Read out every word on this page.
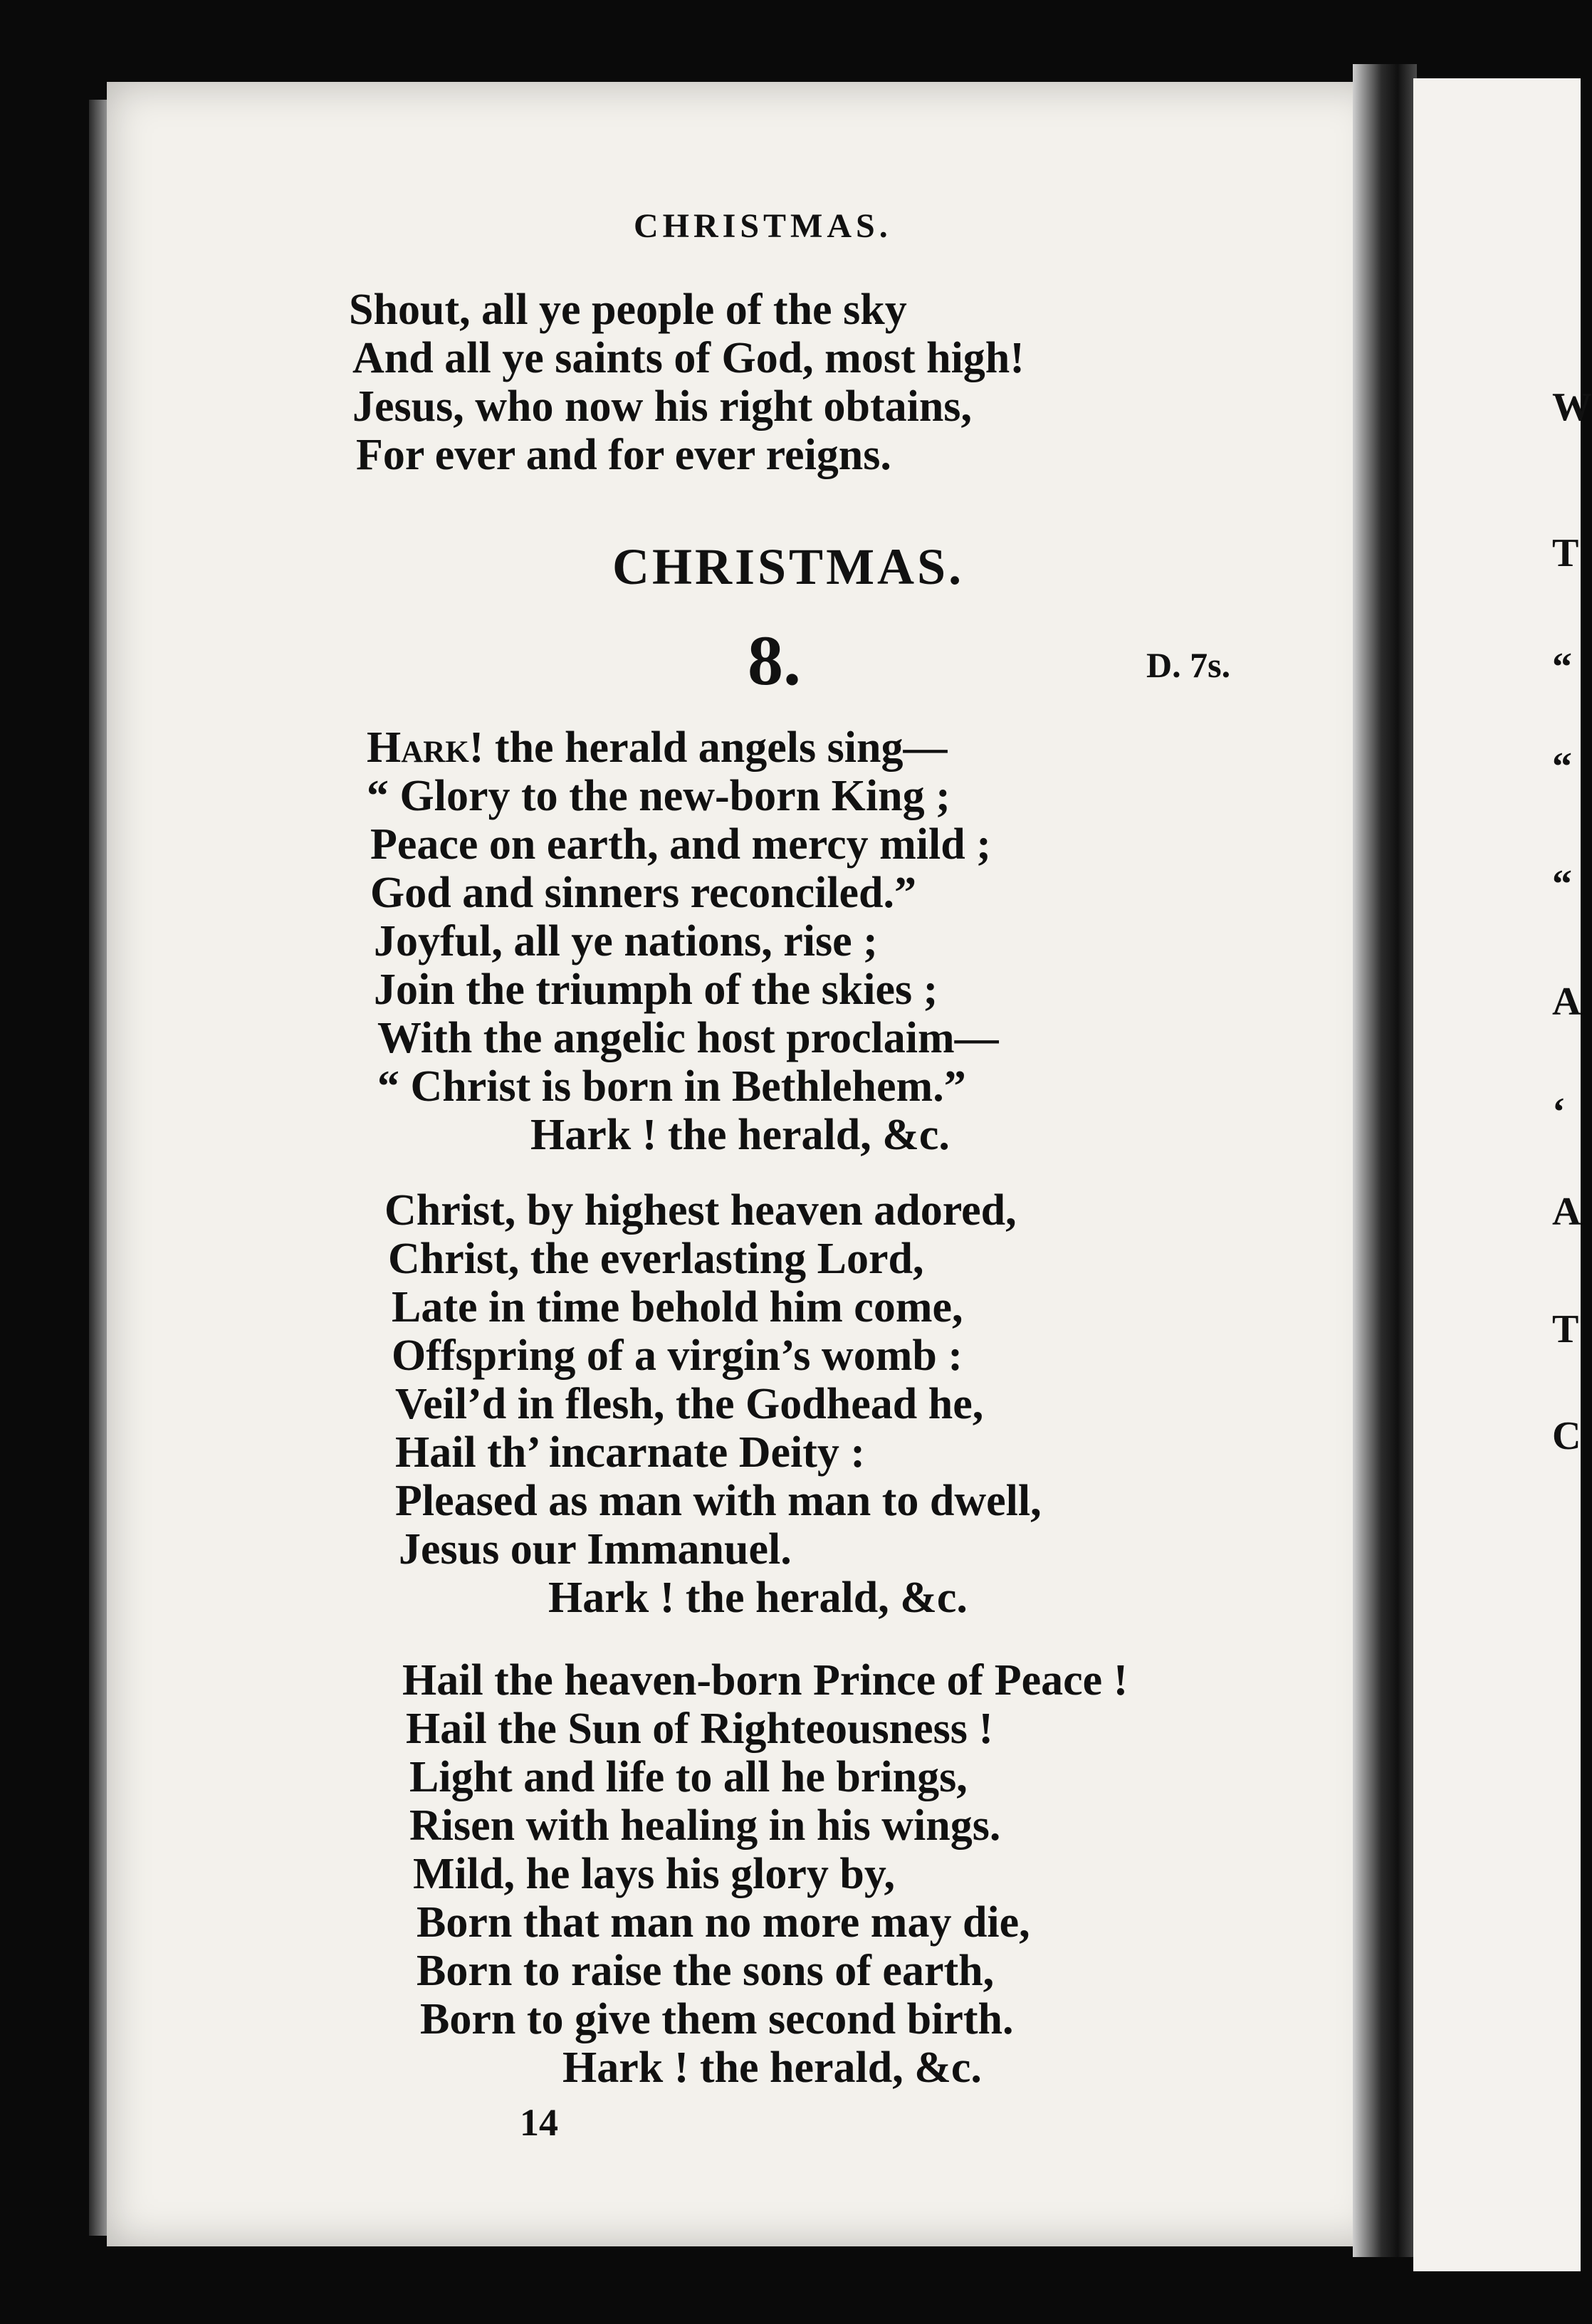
W
T
“
“
“
A
‘
A
T
C
CHRISTMAS.
Shout, all ye people of the sky
And all ye saints of God, most high!
Jesus, who now his right obtains,
For ever and for ever reigns.
CHRISTMAS.
8.	D. 7s.
Hark! the herald angels sing—
“ Glory to the new-born King ;
Peace on earth, and mercy mild ;
God and sinners reconciled.”
Joyful, all ye nations, rise ;
Join the triumph of the skies ;
With the angelic host proclaim—
“ Christ is born in Bethlehem.”
Hark ! the herald, &c.
Christ, by highest heaven adored,
Christ, the everlasting Lord,
Late in time behold him come,
Offspring of a virgin’s womb :
Veil’d in flesh, the Godhead he,
Hail th’ incarnate Deity :
Pleased as man with man to dwell,
Jesus our Immanuel.
Hark ! the herald, &c.
Hail the heaven-born Prince of Peace !
Hail the Sun of Righteousness !
Light and life to all he brings,
Risen with healing in his wings.
Mild, he lays his glory by,
Born that man no more may die,
Born to raise the sons of earth,
Born to give them second birth.
Hark ! the herald, &c.
14
